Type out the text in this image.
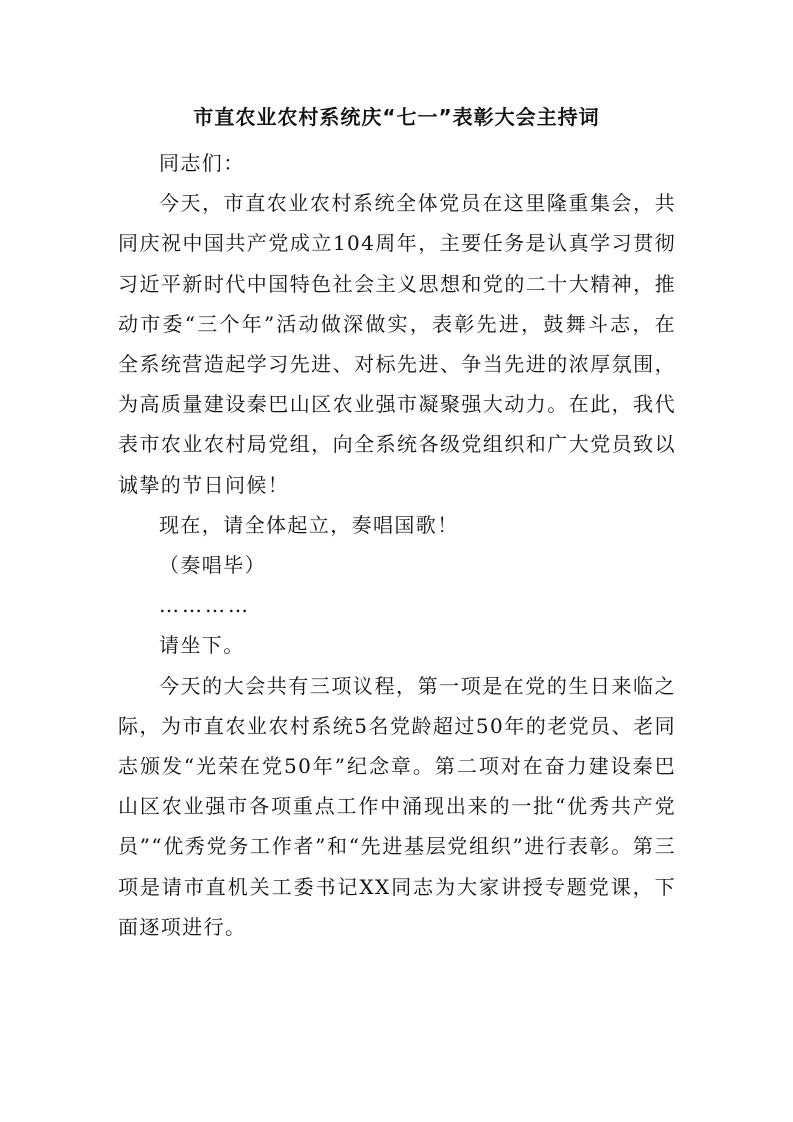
市直农业农村系统庆“七一”表彰大会主持词

同志们：

今天，市直农业农村系统全体党员在这里隆重集会，共同庆祝中国共产党成立104周年，主要任务是认真学习贯彻习近平新时代中国特色社会主义思想和党的二十大精神，推动市委“三个年”活动做深做实，表彰先进，鼓舞斗志，在全系统营造起学习先进、对标先进、争当先进的浓厚氛围，为高质量建设秦巴山区农业强市凝聚强大动力。在此，我代表市农业农村局党组，向全系统各级党组织和广大党员致以诚挚的节日问候！

现在，请全体起立，奏唱国歌！

（奏唱毕）

…………

请坐下。

今天的大会共有三项议程，第一项是在党的生日来临之际，为市直农业农村系统5名党龄超过50年的老党员、老同志颁发“光荣在党50年”纪念章。第二项对在奋力建设秦巴山区农业强市各项重点工作中涌现出来的一批“优秀共产党员”“优秀党务工作者”和“先进基层党组织”进行表彰。第三项是请市直机关工委书记XX同志为大家讲授专题党课，下面逐项进行。
